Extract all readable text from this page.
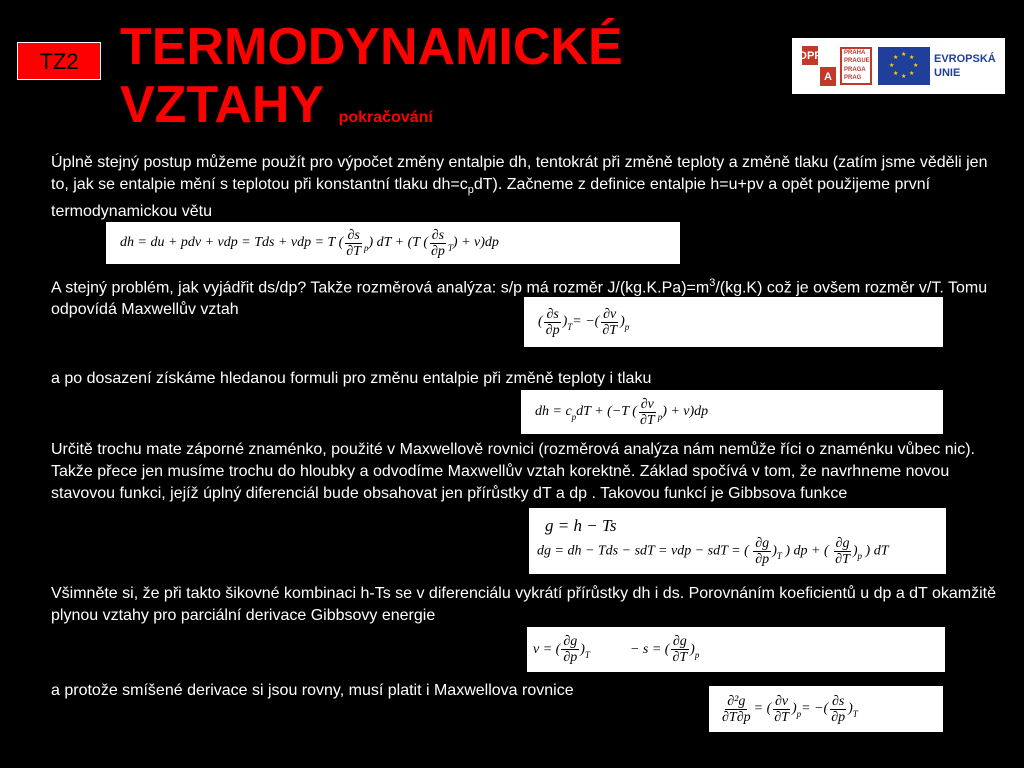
TZ2 TERMODYNAMICKÉ
VZTAHY pokračování
OPP
A
PRAHA
PRAGUE
PRAGA
PRAG
★ ★
★
★
★
★
★
★	EVROPSKÁ
UNIE
Úplně stejný postup můžeme použít pro výpočet změny entalpie dh, tentokrát při změně teploty a změně tlaku (zatím jsme věděli jen to, jak se entalpie mění s teplotou při konstantní tlaku $dh=c_pdT$). Začneme z definice entalpie h=u+pv a opět použijeme první termodynamickou větu
dh = du + pdv + vdp = Tds + vdp = T ( $\frac{\partial s}{\partial T}$ p ) dT + (T ( $\frac{\partial s}{\partial p}$ T ) + v)dp
A stejný problém, jak vyjádřit ds/dp? Takže rozměrová analýza: s/p má rozměr $J/(kg.K.Pa)=m^3/(kg.K)$ což je ovšem rozměr v/T. Tomu odpovídá Maxwellův vztah
( $\frac{\partial s}{\partial p}$ ) T = −( $\frac{\partial v}{\partial T}$ ) p
a po dosazení získáme hledanou formuli pro změnu entalpie při změně teploty i tlaku
dh = c p dT + (−T ( $\frac{\partial v}{\partial T}$ p ) + v)dp
Určitě trochu mate záporné znaménko, použité v Maxwellově rovnici (rozměrová analýza nám nemůže říci o znaménku vůbec nic). Takže přece jen musíme trochu do hloubky a odvodíme Maxwellův vztah korektně. Základ spočívá v tom, že navrhneme novou stavovou funkci, jejíž úplný diferenciál bude obsahovat jen přírůstky dT a dp . Takovou funkcí je Gibbsova funkce
g = h − Ts
dg = dh − Tds − sdT = vdp − sdT = ( $\frac{\partial g}{\partial p} )_T$ ) dp + ( $\frac{\partial g}{\partial T} )_p$ ) dT
Všimněte si, že při takto šikovné kombinaci h-Ts se v diferenciálu vykrátí přírůstky dh i ds. Porovnáním koeficientů u dp a dT okamžitě plynou vztahy pro parciální derivace Gibbsovy energie
v = ( $\frac{\partial g}{\partial p}$ ) T	− s = ( $\frac{\partial g}{\partial T}$ ) p
a protože smíšené derivace si jsou rovny, musí platit i Maxwellova rovnice
$\frac{\text{∂²g}}{\partial T\partial p}$ = ( $\frac{\partial v}{\partial T}$ ) p = −( $\frac{\partial s}{\partial p}$ ) T
